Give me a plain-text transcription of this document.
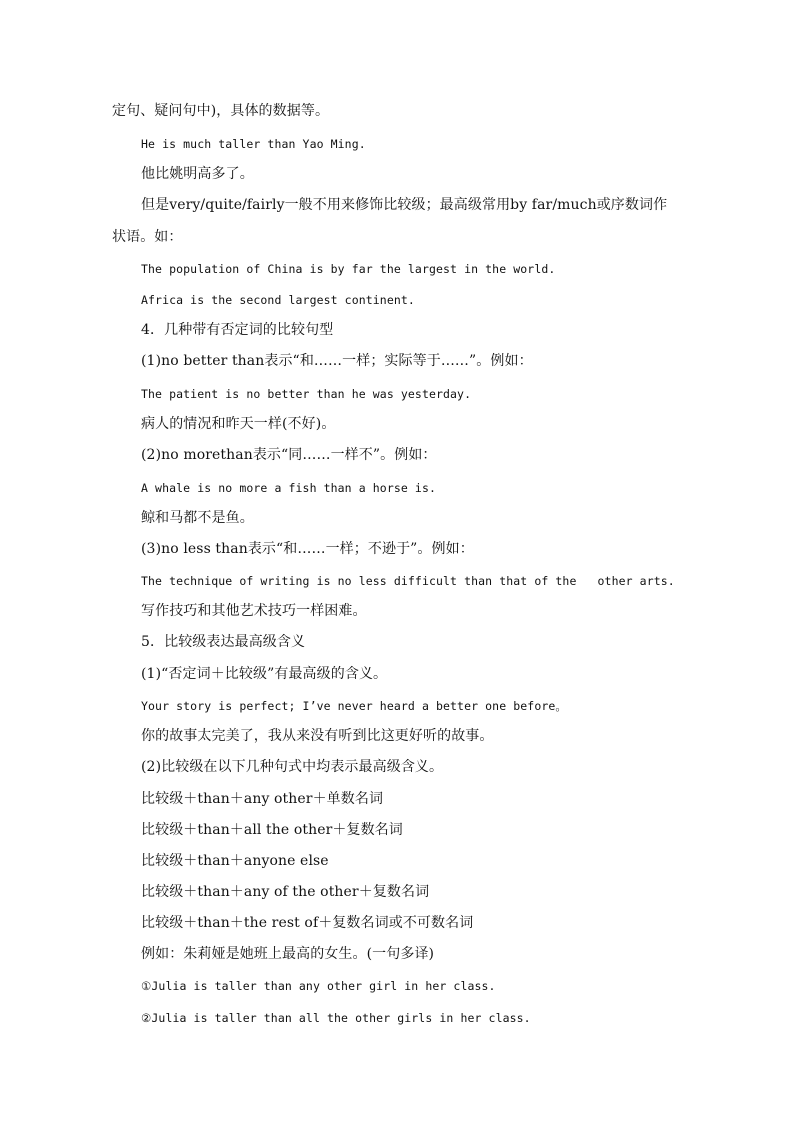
定句、疑问句中)，具体的数据等。
He is much taller than Yao Ming.
他比姚明高多了。
但是very/quite/fairly一般不用来修饰比较级；最高级常用by far/much或序数词作
状语。如：
The population of China is by far the largest in the world.
Africa is the second largest continent.
4．几种带有否定词的比较句型
(1)no better than表示“和……一样；实际等于……”。例如：
The patient is no better than he was yesterday.
病人的情况和昨天一样(不好)。
(2)no morethan表示“同……一样不”。例如：
A whale is no more a fish than a horse is.
鲸和马都不是鱼。
(3)no less than表示“和……一样；不逊于”。例如：
The technique of writing is no less difficult than that of the   other arts.
写作技巧和其他艺术技巧一样困难。
5．比较级表达最高级含义
(1)“否定词＋比较级”有最高级的含义。
Your story is perfect; I’ve never heard a better one before。
你的故事太完美了，我从来没有听到比这更好听的故事。
(2)比较级在以下几种句式中均表示最高级含义。
比较级＋than＋any other＋单数名词
比较级＋than＋all the other＋复数名词
比较级＋than＋anyone else
比较级＋than＋any of the other＋复数名词
比较级＋than＋the rest of＋复数名词或不可数名词
例如：朱莉娅是她班上最高的女生。(一句多译)
①Julia is taller than any other girl in her class.
②Julia is taller than all the other girls in her class.
